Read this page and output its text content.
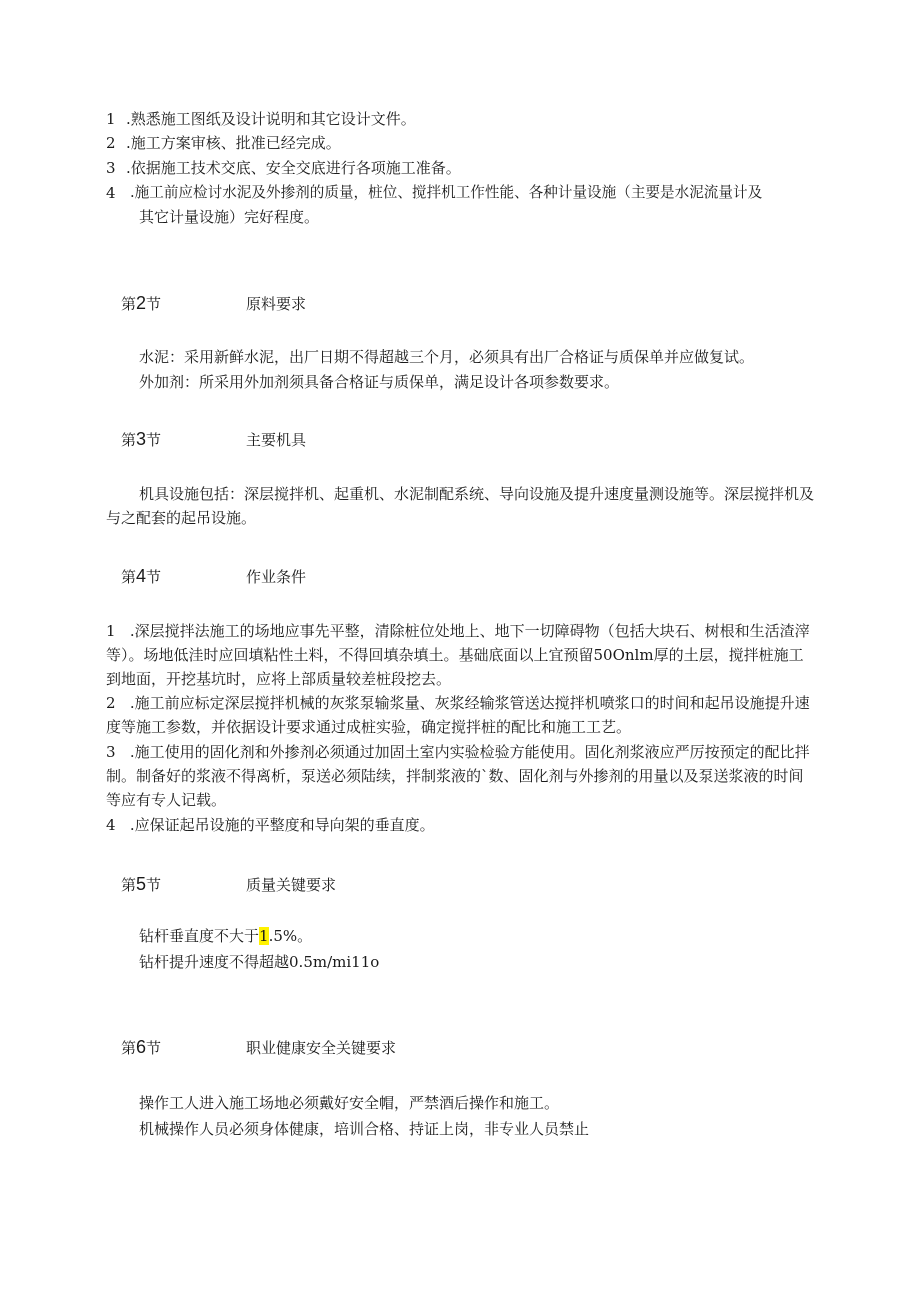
1 .熟悉施工图纸及设计说明和其它设计文件。
2 .施工方案审核、批准已经完成。
3 .依据施工技术交底、安全交底进行各项施工准备。
4 .施工前应检讨水泥及外掺剂的质量，桩位、搅拌机工作性能、各种计量设施（主要是水泥流量计及
其它计量设施）完好程度。
第2节	原料要求
水泥：采用新鲜水泥，出厂日期不得超越三个月，必须具有出厂合格证与质保单并应做复试。
外加剂：所采用外加剂须具备合格证与质保单，满足设计各项参数要求。
第3节	主要机具
机具设施包括：深层搅拌机、起重机、水泥制配系统、导向设施及提升速度量测设施等。深层搅拌机及与之配套的起吊设施。
第4节	作业条件
1 .深层搅拌法施工的场地应事先平整，清除桩位处地上、地下一切障碍物（包括大块石、树根和生活渣滓等）。场地低洼时应回填粘性土料，不得回填杂填土。基础底面以上宜预留50Onlm厚的土层，搅拌桩施工到地面，开挖基坑时，应将上部质量较差桩段挖去。
2 .施工前应标定深层搅拌机械的灰浆泵输浆量、灰浆经输浆管送达搅拌机喷浆口的时间和起吊设施提升速度等施工参数，并依据设计要求通过成桩实验，确定搅拌桩的配比和施工工艺。
3 .施工使用的固化剂和外掺剂必须通过加固土室内实验检验方能使用。固化剂浆液应严厉按预定的配比拌制。制备好的浆液不得离析，泵送必须陆续，拌制浆液的`数、固化剂与外掺剂的用量以及泵送浆液的时间等应有专人记载。
4 .应保证起吊设施的平整度和导向架的垂直度。
第5节	质量关键要求
钻杆垂直度不大于1.5%。
钻杆提升速度不得超越0.5m/mi11o
第6节	职业健康安全关键要求
操作工人进入施工场地必须戴好安全帽，严禁酒后操作和施工。
机械操作人员必须身体健康，培训合格、持证上岗，非专业人员禁止
